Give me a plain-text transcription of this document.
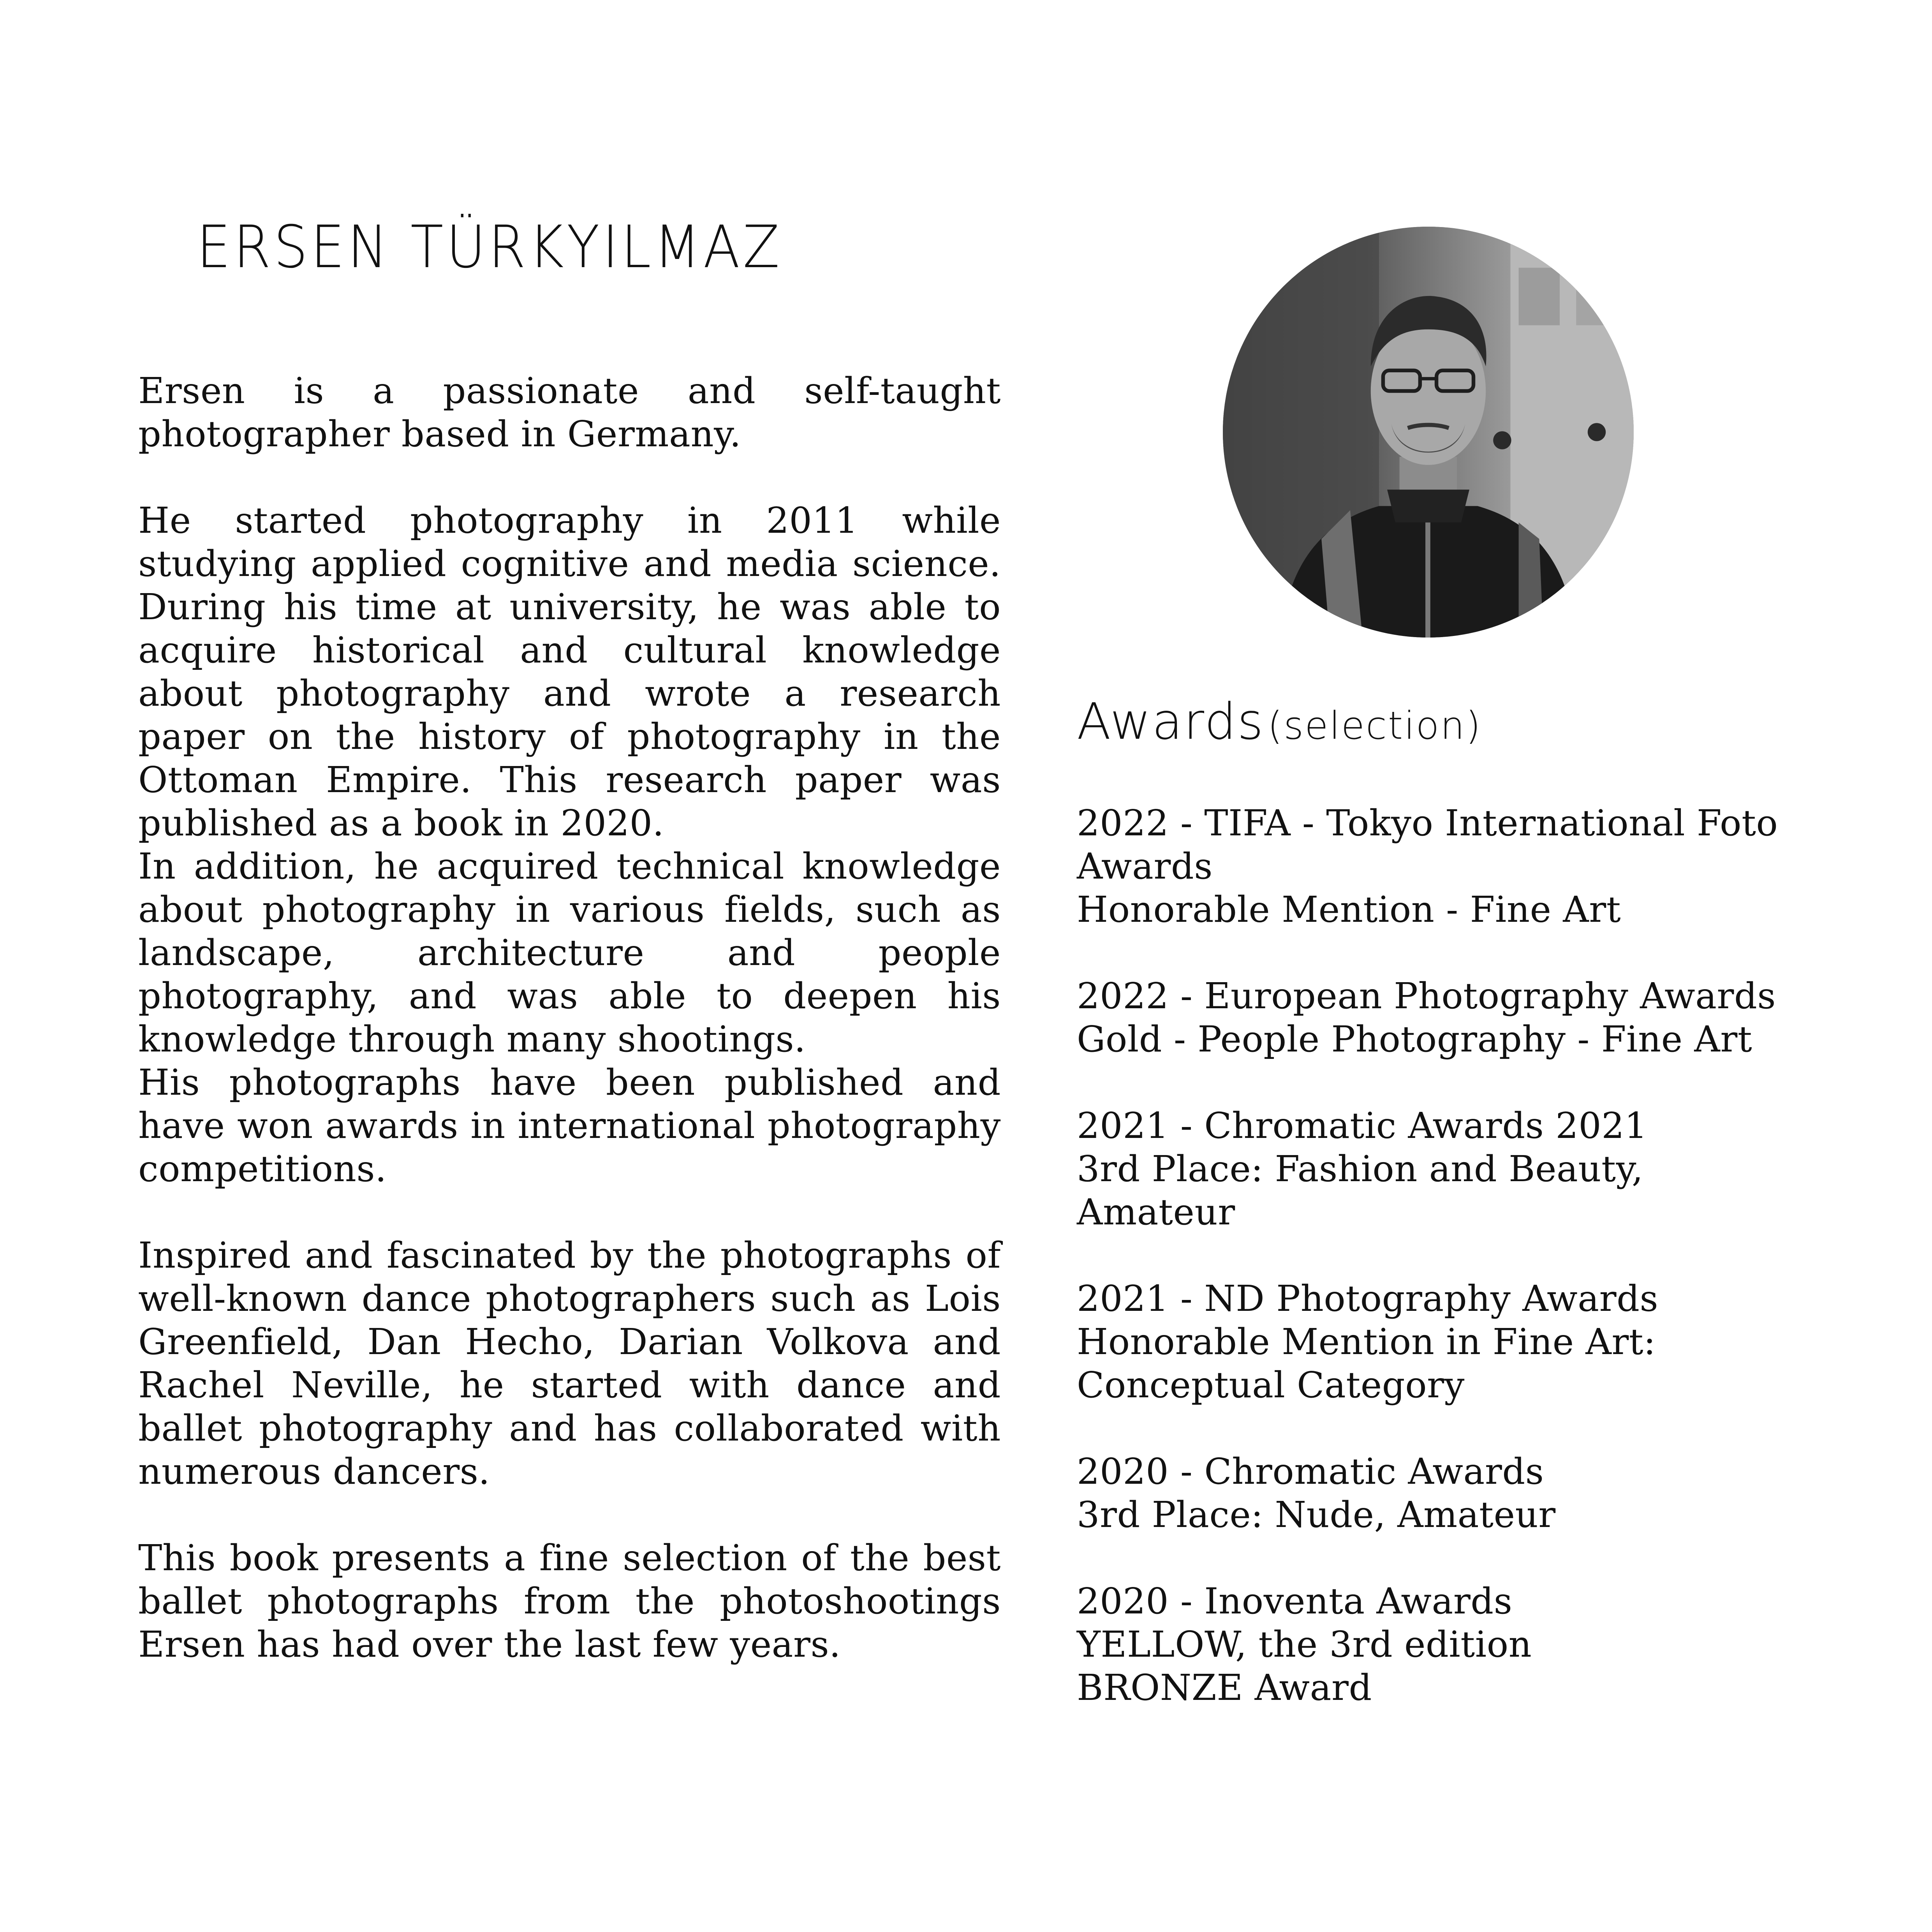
ERSEN TÜRKYILMAZ

Ersen is a passionate and self-taught photographer based in Germany.

He started photography in 2011 while studying applied cognitive and media science. During his time at university, he was able to acquire historical and cultural knowledge about photography and wrote a research paper on the history of photography in the Ottoman Empire. This research paper was published as a book in 2020.

In addition, he acquired technical knowledge about photography in various fields, such as landscape, architecture and people photography, and was able to deepen his knowledge through many shootings.

His photographs have been published and have won awards in international photography competitions.

Inspired and fascinated by the photographs of well-known dance photographers such as Lois Greenfield, Dan Hecho, Darian Volkova and Rachel Neville, he started with dance and ballet photography and has collaborated with numerous dancers.

This book presents a fine selection of the best ballet photographs from the photoshootings Ersen has had over the last few years.

Awards (selection)
2022 - TIFA - Tokyo International Foto
Awards
Honorable Mention - Fine Art
2022 - European Photography Awards
Gold - People Photography - Fine Art
2021 - Chromatic Awards 2021
3rd Place: Fashion and Beauty,
Amateur
2021 - ND Photography Awards
Honorable Mention in Fine Art:
Conceptual Category
2020 - Chromatic Awards
3rd Place: Nude, Amateur
2020 - Inoventa Awards
YELLOW, the 3rd edition
BRONZE Award
